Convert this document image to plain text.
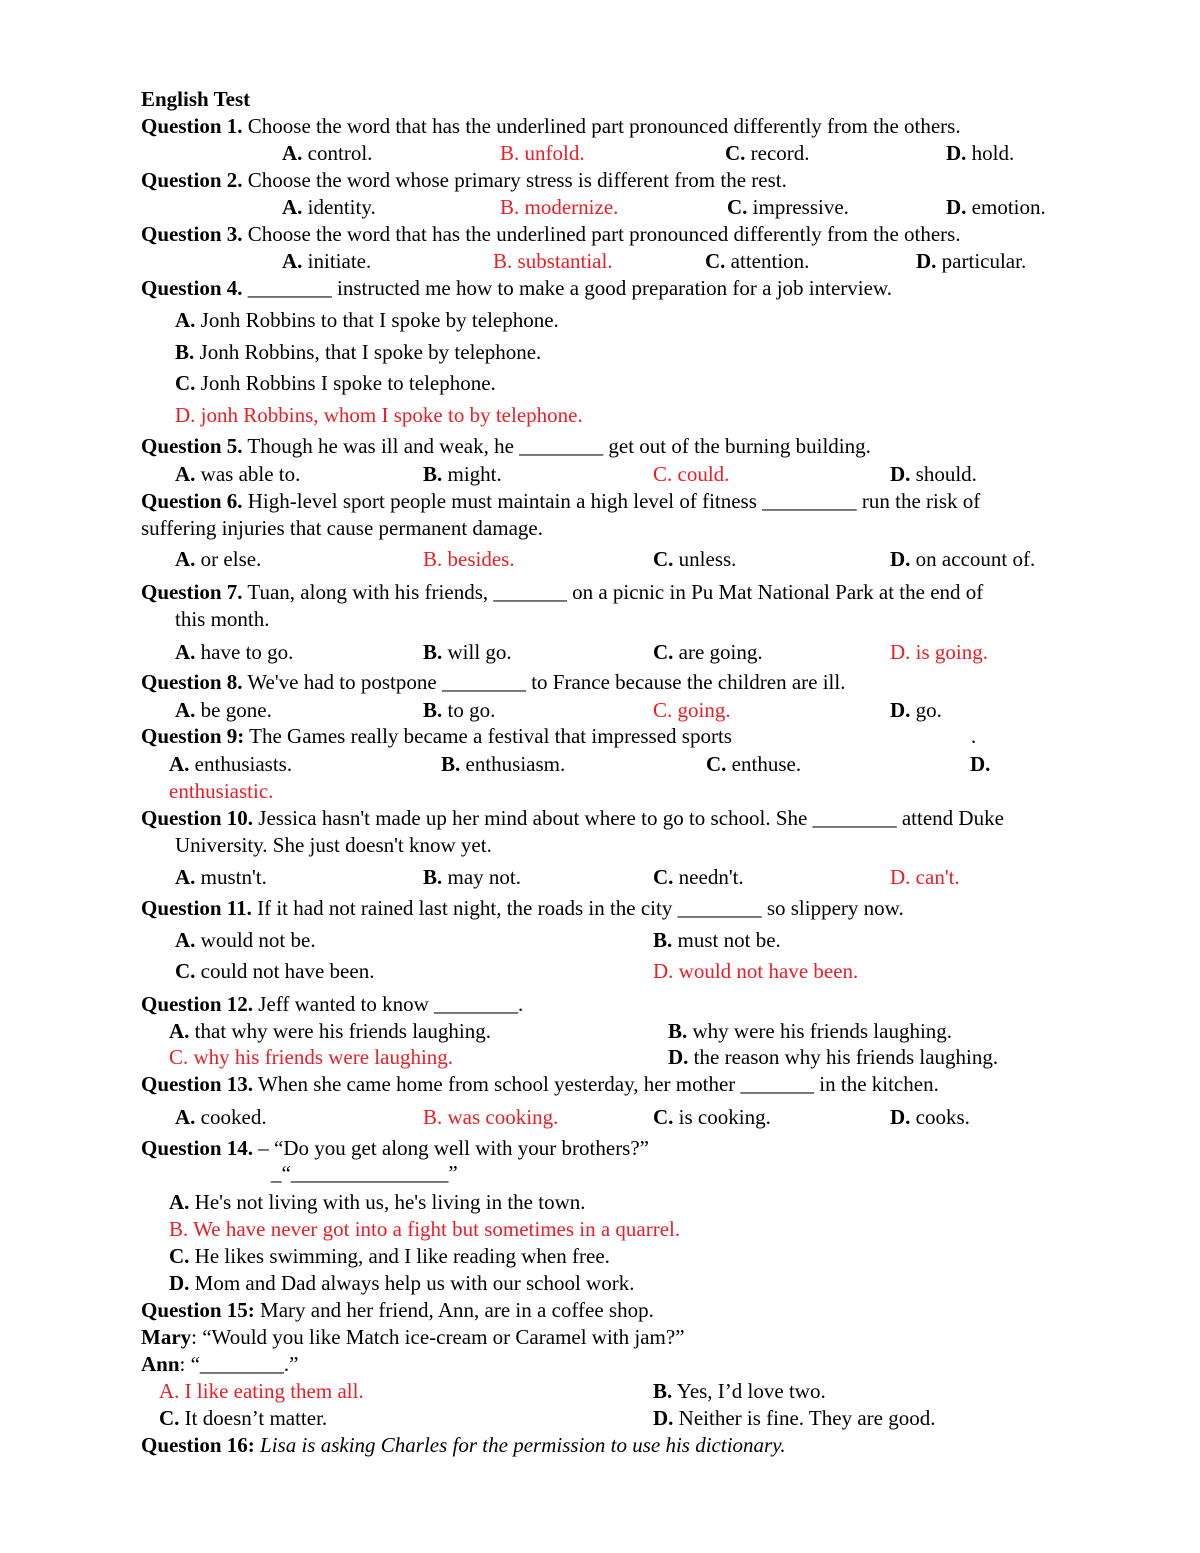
English Test
Question 1. Choose the word that has the underlined part pronounced differently from the others.
A. control.	B. unfold.	C. record.	D. hold.
Question 2. Choose the word whose primary stress is different from the rest.
A. identity.	B. modernize.	C. impressive.	D. emotion.
Question 3. Choose the word that has the underlined part pronounced differently from the others.
A. initiate.	B. substantial.	C. attention.	D. particular.
Question 4. ________ instructed me how to make a good preparation for a job interview.
A. Jonh Robbins to that I spoke by telephone.
B. Jonh Robbins, that I spoke by telephone.
C. Jonh Robbins I spoke to telephone.
D. jonh Robbins, whom I spoke to by telephone.
Question 5. Though he was ill and weak, he ________ get out of the burning building.
A. was able to.	B. might.	C. could.	D. should.
Question 6. High-level sport people must maintain a high level of fitness _________ run the risk of
suffering injuries that cause permanent damage.
A. or else.	B. besides.	C. unless.	D. on account of.
Question 7. Tuan, along with his friends, _______ on a picnic in Pu Mat National Park at the end of
this month.
A. have to go.	B. will go.	C. are going.	D. is going.
Question 8. We've had to postpone ________ to France because the children are ill.
A. be gone.	B. to go.	C. going.	D. go.
Question 9: The Games really became a festival that impressed sports	.
A. enthusiasts.	B. enthusiasm.	C. enthuse.	D.
enthusiastic.
Question 10. Jessica hasn't made up her mind about where to go to school. She ________ attend Duke
University. She just doesn't know yet.
A. mustn't.	B. may not.	C. needn't.	D. can't.
Question 11. If it had not rained last night, the roads in the city ________ so slippery now.
A. would not be.	B. must not be.
C. could not have been.	D. would not have been.
Question 12. Jeff wanted to know ________.
A. that why were his friends laughing.	B. why were his friends laughing.
C. why his friends were laughing.	D. the reason why his friends laughing.
Question 13. When she came home from school yesterday, her mother _______ in the kitchen.
A. cooked.	B. was cooking.	C. is cooking.	D. cooks.
Question 14. – “Do you get along well with your brothers?”
_“_______________”
A. He's not living with us, he's living in the town.
B. We have never got into a fight but sometimes in a quarrel.
C. He likes swimming, and I like reading when free.
D. Mom and Dad always help us with our school work.
Question 15: Mary and her friend, Ann, are in a coffee shop.
Mary: “Would you like Match ice-cream or Caramel with jam?”
Ann: “________.”
A. I like eating them all.	B. Yes, I’d love two.
C. It doesn’t matter.	D. Neither is fine. They are good.
Question 16: Lisa is asking Charles for the permission to use his dictionary.
